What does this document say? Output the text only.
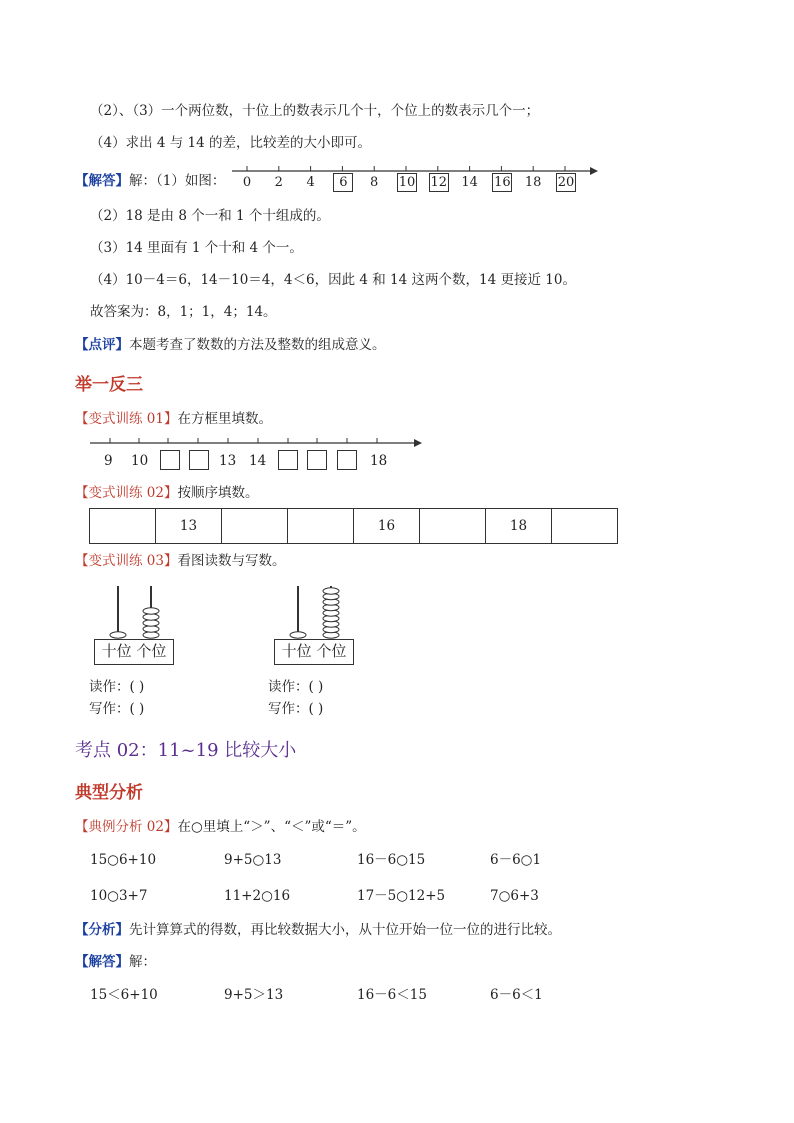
（2）、（3）一个两位数，十位上的数表示几个十，个位上的数表示几个一；
（4）求出 4 与 14 的差，比较差的大小即可。
【解答】解：（1）如图：	0	2	4	6	8	10 12 14 16 18 20
（2）18 是由 8 个一和 1 个十组成的。
（3）14 里面有 1 个十和 4 个一。
（4）10－4＝6，14－10＝4，4＜6，因此 4 和 14 这两个数，14 更接近 10。
故答案为：8，1；1，4；14。
【点评】本题考查了数数的方法及整数的组成意义。
举一反三
【变式训练 01】在方框里填数。
9 10	13 14	18
【变式训练 02】按顺序填数。
	13			16		18	
【变式训练 03】看图读数与写数。
十位 个位
读作：( )
写作：( )
十位 个位
读作：( )
写作：( )
考点 02：11~19 比较大小
典型分析
【典例分析 02】在○里填上“＞”、“＜”或“＝”。
15○6+10	9+5○13	16－6○15	6－6○1
10○3+7	11+2○16	17－5○12+5	7○6+3
【分析】先计算算式的得数，再比较数据大小，从十位开始一位一位的进行比较。
【解答】解：
15＜6+10	9+5＞13	16－6＜15	6－6＜1
